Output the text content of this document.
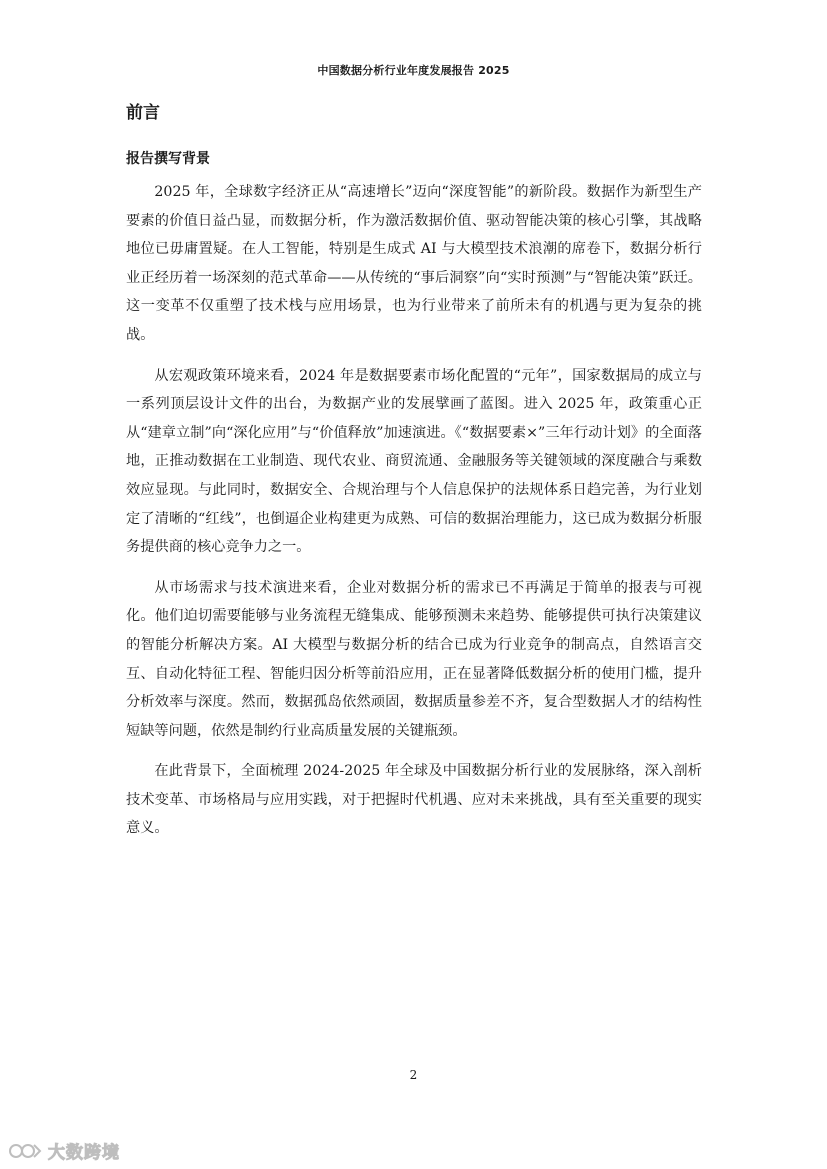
中国数据分析行业年度发展报告 2025
前言
报告撰写背景

2025 年，全球数字经济正从“高速增长”迈向“深度智能”的新阶段。数据作为新型生产要素的价值日益凸显，而数据分析，作为激活数据价值、驱动智能决策的核心引擎，其战略地位已毋庸置疑。在人工智能，特别是生成式 AI 与大模型技术浪潮的席卷下，数据分析行业正经历着一场深刻的范式革命——从传统的“事后洞察”向“实时预测”与“智能决策”跃迁。这一变革不仅重塑了技术栈与应用场景，也为行业带来了前所未有的机遇与更为复杂的挑战。

从宏观政策环境来看，2024 年是数据要素市场化配置的“元年”，国家数据局的成立与一系列顶层设计文件的出台，为数据产业的发展擘画了蓝图。进入 2025 年，政策重心正从“建章立制”向“深化应用”与“价值释放”加速演进。《“数据要素×”三年行动计划》的全面落地，正推动数据在工业制造、现代农业、商贸流通、金融服务等关键领域的深度融合与乘数效应显现。与此同时，数据安全、合规治理与个人信息保护的法规体系日趋完善，为行业划定了清晰的“红线”，也倒逼企业构建更为成熟、可信的数据治理能力，这已成为数据分析服务提供商的核心竞争力之一。

从市场需求与技术演进来看，企业对数据分析的需求已不再满足于简单的报表与可视化。他们迫切需要能够与业务流程无缝集成、能够预测未来趋势、能够提供可执行决策建议的智能分析解决方案。AI 大模型与数据分析的结合已成为行业竞争的制高点，自然语言交互、自动化特征工程、智能归因分析等前沿应用，正在显著降低数据分析的使用门槛，提升分析效率与深度。然而，数据孤岛依然顽固，数据质量参差不齐，复合型数据人才的结构性短缺等问题，依然是制约行业高质量发展的关键瓶颈。

在此背景下，全面梳理 2024-2025 年全球及中国数据分析行业的发展脉络，深入剖析技术变革、市场格局与应用实践，对于把握时代机遇、应对未来挑战，具有至关重要的现实意义。

2
大数跨境
